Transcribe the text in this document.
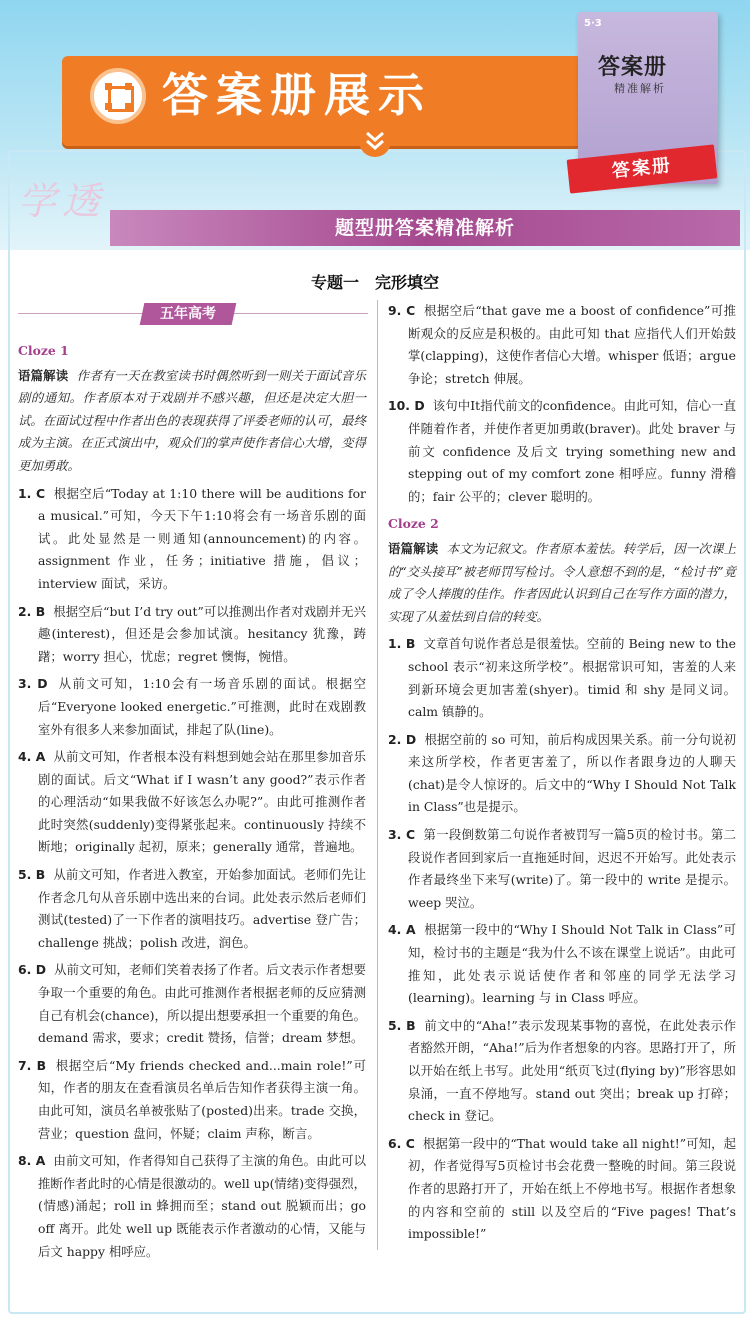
答案册展示
5·3
答案册
精准解析
答案册
学透
题型册答案精准解析
专题一　完形填空
五年高考

Cloze 1

语篇解读 作者有一天在教室读书时偶然听到一则关于面试音乐剧的通知。作者原本对于戏剧并不感兴趣，但还是决定大胆一试。在面试过程中作者出色的表现获得了评委老师的认可，最终成为主演。在正式演出中，观众们的掌声使作者信心大增，变得更加勇敢。

1. C 根据空后“Today at 1:10 there will be auditions for a musical.”可知，今天下午1:10将会有一场音乐剧的面试。此处显然是一则通知(announcement)的内容。assignment 作业，任务；initiative 措施，倡议；interview 面试，采访。

2. B 根据空后“but I’d try out”可以推测出作者对戏剧并无兴趣(interest)，但还是会参加试演。hesitancy 犹豫，踌躇；worry 担心，忧虑；regret 懊悔，惋惜。

3. D 从前文可知，1:10会有一场音乐剧的面试。根据空后“Everyone looked energetic.”可推测，此时在戏剧教室外有很多人来参加面试，排起了队(line)。

4. A 从前文可知，作者根本没有料想到她会站在那里参加音乐剧的面试。后文“What if I wasn’t any good?”表示作者的心理活动“如果我做不好该怎么办呢?”。由此可推测作者此时突然(suddenly)变得紧张起来。continuously 持续不断地；originally 起初，原来；generally 通常，普遍地。

5. B 从前文可知，作者进入教室，开始参加面试。老师们先让作者念几句从音乐剧中选出来的台词。此处表示然后老师们测试(tested)了一下作者的演唱技巧。advertise 登广告；challenge 挑战；polish 改进，润色。

6. D 从前文可知，老师们笑着表扬了作者。后文表示作者想要争取一个重要的角色。由此可推测作者根据老师的反应猜测自己有机会(chance)，所以提出想要承担一个重要的角色。demand 需求，要求；credit 赞扬，信誉；dream 梦想。

7. B 根据空后“My friends checked and...main role!”可知，作者的朋友在查看演员名单后告知作者获得主演一角。由此可知，演员名单被张贴了(posted)出来。trade 交换，营业；question 盘问，怀疑；claim 声称，断言。

8. A 由前文可知，作者得知自己获得了主演的角色。由此可以推断作者此时的心情是很激动的。well up(情绪)变得强烈，(情感)涌起；roll in 蜂拥而至；stand out 脱颖而出；go off 离开。此处 well up 既能表示作者激动的心情，又能与后文 happy 相呼应。

9. C 根据空后“that gave me a boost of confidence”可推断观众的反应是积极的。由此可知 that 应指代人们开始鼓掌(clapping)，这使作者信心大增。whisper 低语；argue 争论；stretch 伸展。

10. D 该句中It指代前文的confidence。由此可知，信心一直伴随着作者，并使作者更加勇敢(braver)。此处 braver 与前文 confidence 及后文 trying something new and stepping out of my comfort zone 相呼应。funny 滑稽的；fair 公平的；clever 聪明的。

Cloze 2

语篇解读 本文为记叙文。作者原本羞怯。转学后，因一次课上的“交头接耳”被老师罚写检讨。令人意想不到的是，“检讨书”竟成了令人捧腹的佳作。作者因此认识到自己在写作方面的潜力，实现了从羞怯到自信的转变。

1. B 文章首句说作者总是很羞怯。空前的 Being new to the school 表示“初来这所学校”。根据常识可知，害羞的人来到新环境会更加害羞(shyer)。timid 和 shy 是同义词。calm 镇静的。

2. D 根据空前的 so 可知，前后构成因果关系。前一分句说初来这所学校，作者更害羞了，所以作者跟身边的人聊天(chat)是令人惊讶的。后文中的“Why I Should Not Talk in Class”也是提示。

3. C 第一段倒数第二句说作者被罚写一篇5页的检讨书。第二段说作者回到家后一直拖延时间，迟迟不开始写。此处表示作者最终坐下来写(write)了。第一段中的 write 是提示。weep 哭泣。

4. A 根据第一段中的“Why I Should Not Talk in Class”可知，检讨书的主题是“我为什么不该在课堂上说话”。由此可推知，此处表示说话使作者和邻座的同学无法学习(learning)。learning 与 in Class 呼应。

5. B 前文中的“Aha!”表示发现某事物的喜悦，在此处表示作者豁然开朗，“Aha!”后为作者想象的内容。思路打开了，所以开始在纸上书写。此处用“纸页飞过(flying by)”形容思如泉涌，一直不停地写。stand out 突出；break up 打碎；check in 登记。

6. C 根据第一段中的“That would take all night!”可知，起初，作者觉得写5页检讨书会花费一整晚的时间。第三段说作者的思路打开了，开始在纸上不停地书写。根据作者想象的内容和空前的 still 以及空后的“Five pages! That’s impossible!”
